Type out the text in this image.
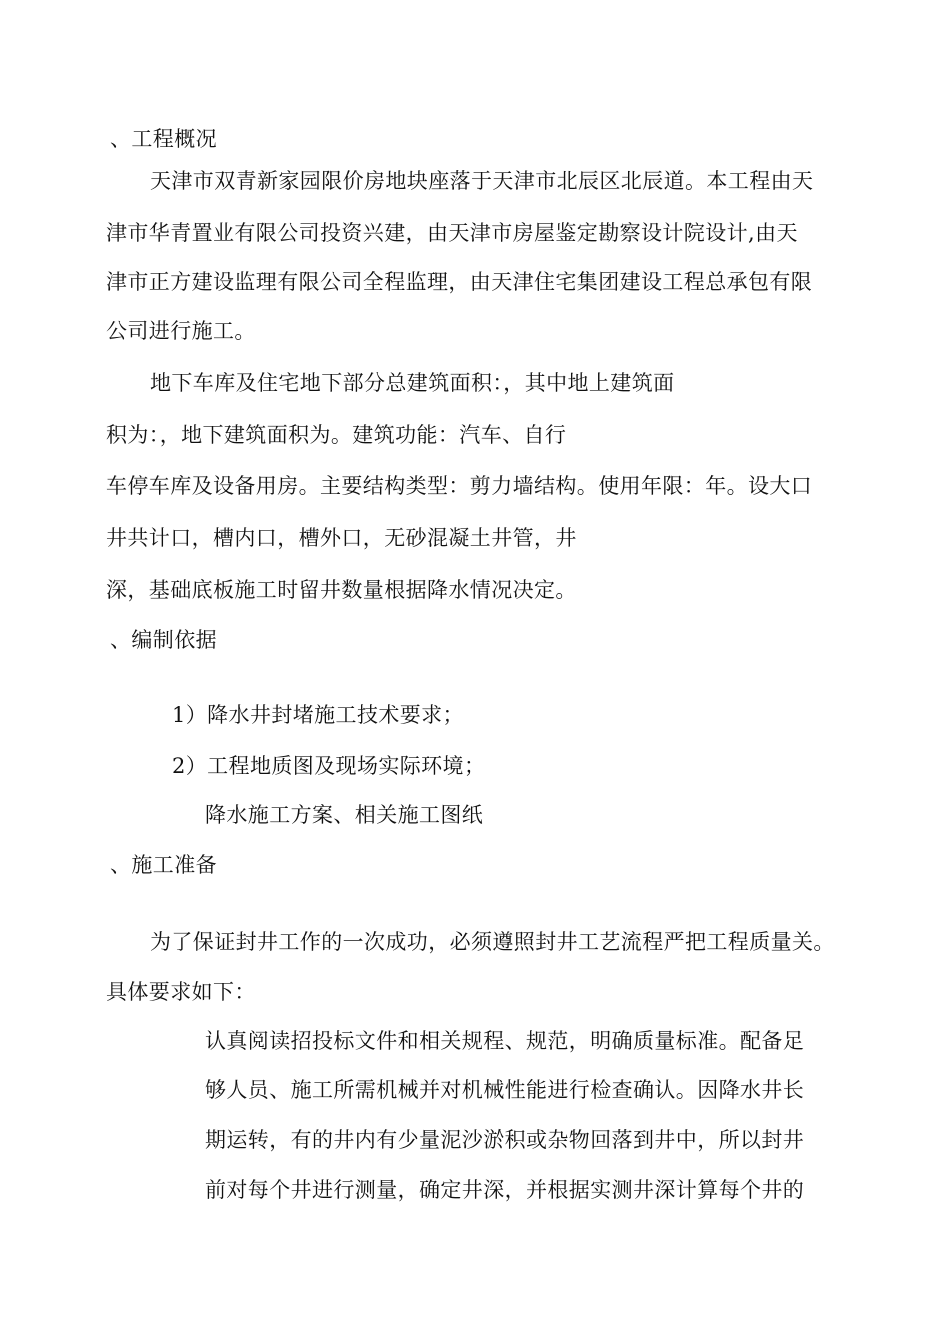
、工程概况
天津市双青新家园限价房地块座落于天津市北辰区北辰道。本工程由天
津市华青置业有限公司投资兴建，由天津市房屋鉴定勘察设计院设计,由天
津市正方建设监理有限公司全程监理，由天津住宅集团建设工程总承包有限
公司进行施工。
地下车库及住宅地下部分总建筑面积：，其中地上建筑面
积为：，地下建筑面积为。建筑功能：汽车、自行
车停车库及设备用房。主要结构类型：剪力墙结构。使用年限：年。设大口
井共计口，槽内口，槽外口，无砂混凝土井管，井
深，基础底板施工时留井数量根据降水情况决定。
、编制依据
1）降水井封堵施工技术要求；
2）工程地质图及现场实际环境；
降水施工方案、相关施工图纸
、施工准备
为了保证封井工作的一次成功，必须遵照封井工艺流程严把工程质量关。
具体要求如下：
认真阅读招投标文件和相关规程、规范，明确质量标准。配备足
够人员、施工所需机械并对机械性能进行检查确认。因降水井长
期运转，有的井内有少量泥沙淤积或杂物回落到井中，所以封井
前对每个井进行测量，确定井深，并根据实测井深计算每个井的
